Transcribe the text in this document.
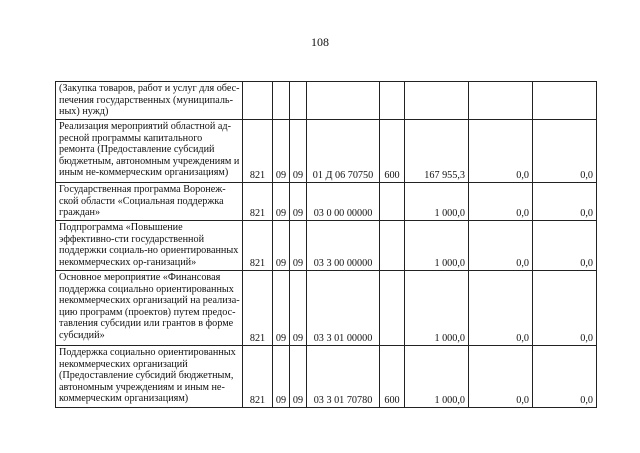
108
(Закупка товаров, работ и услуг для обес-печения государственных (муниципаль-ных) нужд)								
Реализация мероприятий областной ад-ресной программы капитального ремонта (Предоставление субсидий бюджетным, автономным учреждениям и иным не-коммерческим организациям)	821	09	09	01 Д 06 70750	600	167 955,3	0,0	0,0
Государственная программа Воронеж-ской области «Социальная поддержка граждан»	821	09	09	03 0 00 00000		1 000,0	0,0	0,0
Подпрограмма «Повышение эффективно-сти государственной поддержки социаль-но ориентированных некоммерческих ор-ганизаций»	821	09	09	03 3 00 00000		1 000,0	0,0	0,0
Основное мероприятие «Финансовая поддержка социально ориентированных некоммерческих организаций на реализа-цию программ (проектов) путем предос-тавления субсидии или грантов в форме субсидий»	821	09	09	03 3 01 00000		1 000,0	0,0	0,0
Поддержка социально ориентированных некоммерческих организаций (Предоставление субсидий бюджетным, автономным учреждениям и иным не-коммерческим организациям)	821	09	09	03 3 01 70780	600	1 000,0	0,0	0,0
